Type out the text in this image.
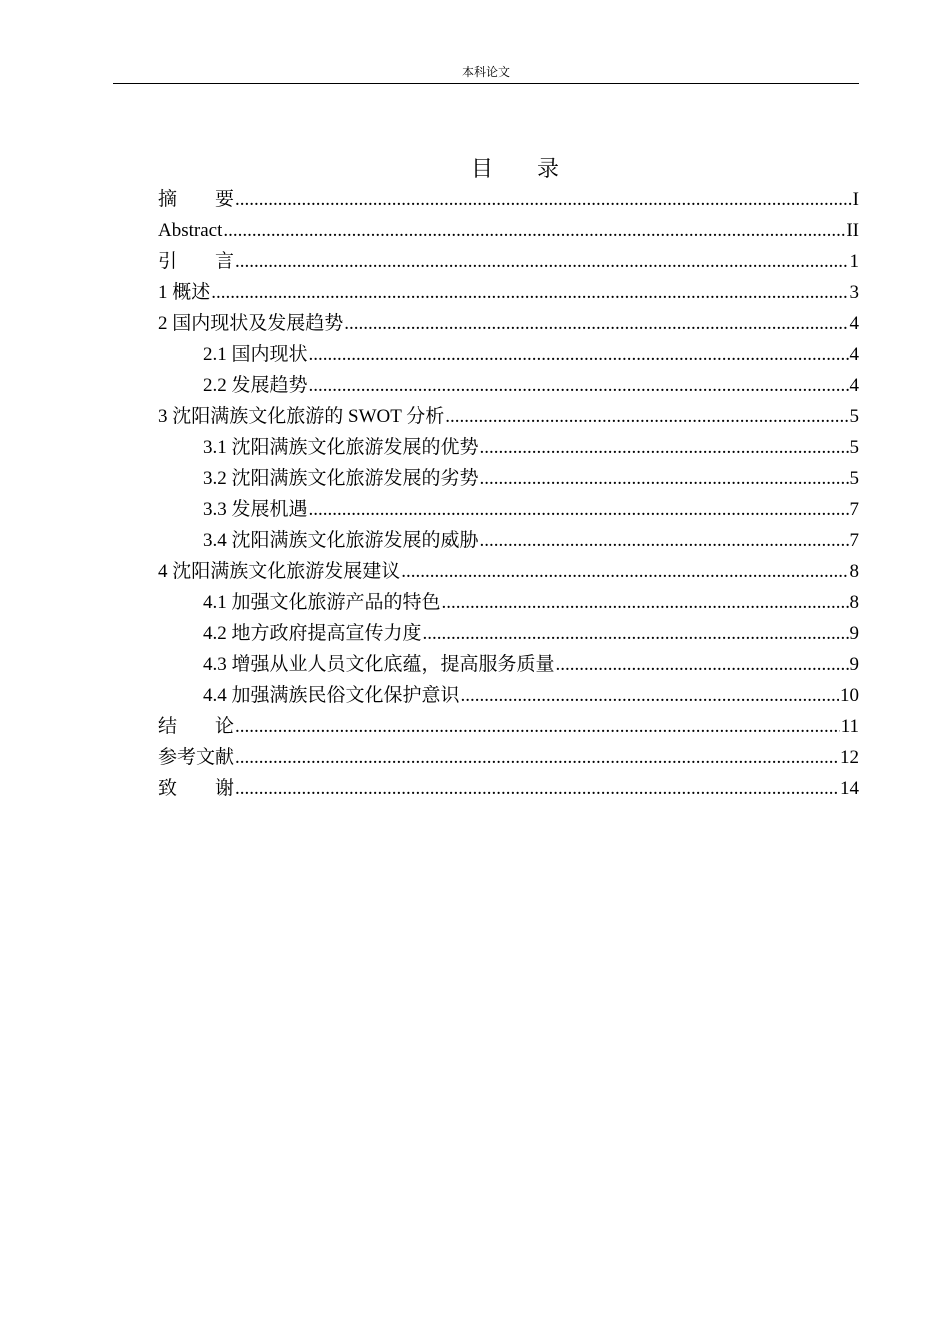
本科论文
目　　录
摘　　要 .....	I
Abstract .....	II
引　　言 .....	1
1 概述 .....	3
2 国内现状及发展趋势 .....	4
2.1 国内现状 .....	4
2.2 发展趋势 .....	4
3 沈阳满族文化旅游的 SWOT 分析 .....	5
3.1 沈阳满族文化旅游发展的优势 .....	5
3.2 沈阳满族文化旅游发展的劣势 .....	5
3.3 发展机遇 .....	7
3.4 沈阳满族文化旅游发展的威胁 .....	7
4 沈阳满族文化旅游发展建议 .....	8
4.1 加强文化旅游产品的特色 .....	8
4.2 地方政府提高宣传力度 .....	9
4.3 增强从业人员文化底蕴，提高服务质量 .....	9
4.4 加强满族民俗文化保护意识 .....	10
结　　论 .....	11
参考文献 .....	12
致　　谢 .....	14
